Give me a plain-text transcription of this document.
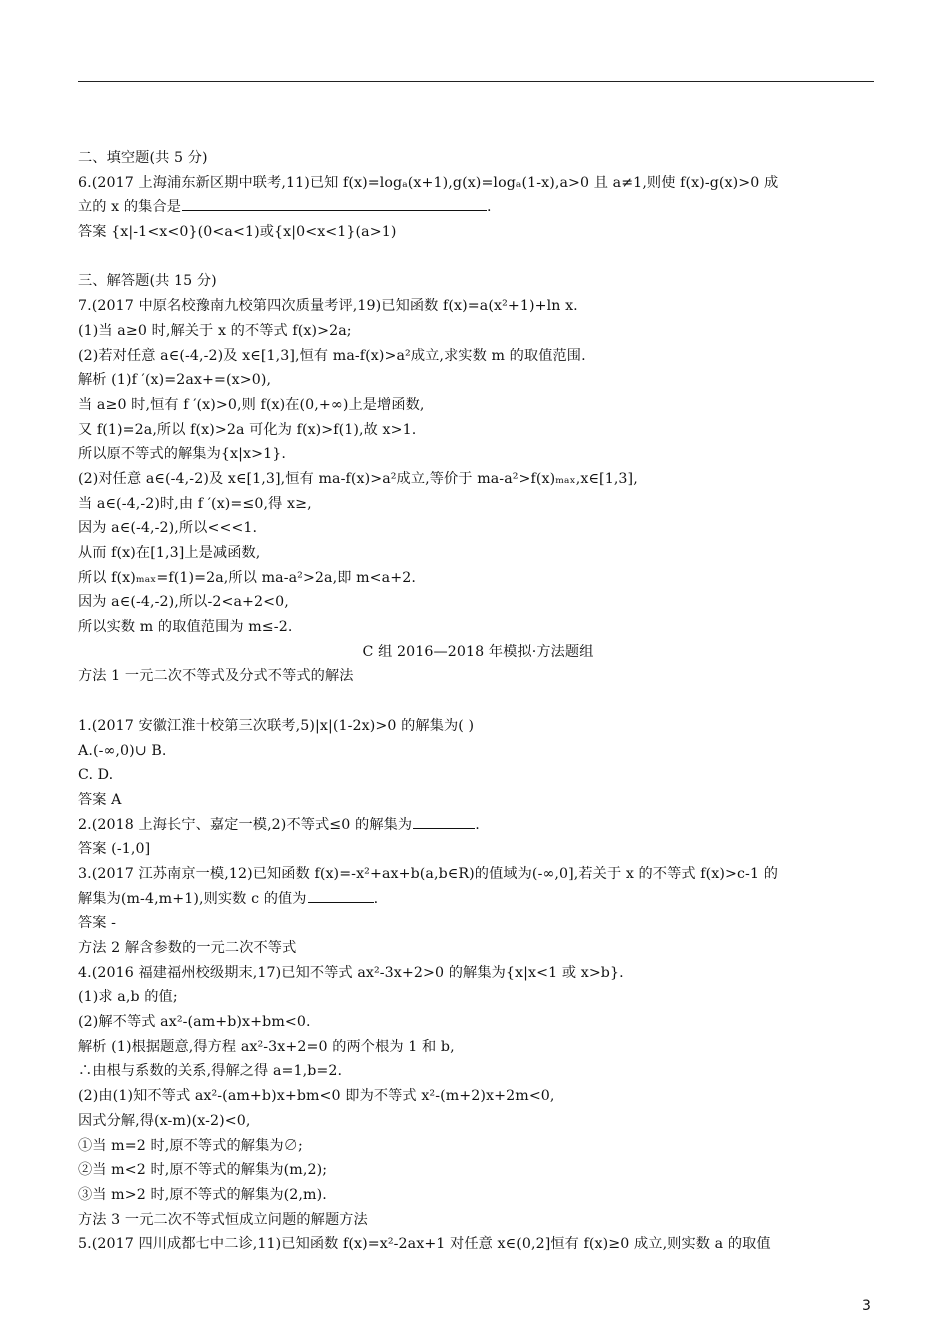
二、填空题(共 5 分)
6.(2017 上海浦东新区期中联考,11)已知 f(x)=logₐ(x+1),g(x)=logₐ(1-x),a>0 且 a≠1,则使 f(x)-g(x)>0 成
立的 x 的集合是	.
答案 {x|-1<x<0}(0<a<1)或{x|0<x<1}(a>1)
三、解答题(共 15 分)
7.(2017 中原名校豫南九校第四次质量考评,19)已知函数 f(x)=a(x²+1)+ln x.
(1)当 a≥0 时,解关于 x 的不等式 f(x)>2a;
(2)若对任意 a∈(-4,-2)及 x∈[1,3],恒有 ma-f(x)>a²成立,求实数 m 的取值范围.
解析 (1)f ′(x)=2ax+=(x>0),
当 a≥0 时,恒有 f ′(x)>0,则 f(x)在(0,+∞)上是增函数,
又 f(1)=2a,所以 f(x)>2a 可化为 f(x)>f(1),故 x>1.
所以原不等式的解集为{x|x>1}.
(2)对任意 a∈(-4,-2)及 x∈[1,3],恒有 ma-f(x)>a²成立,等价于 ma-a²>f(x)ₘₐₓ,x∈[1,3],
当 a∈(-4,-2)时,由 f ′(x)=≤0,得 x≥,
因为 a∈(-4,-2),所以<<<1.
从而 f(x)在[1,3]上是减函数,
所以 f(x)ₘₐₓ=f(1)=2a,所以 ma-a²>2a,即 m<a+2.
因为 a∈(-4,-2),所以-2<a+2<0,
所以实数 m 的取值范围为 m≤-2.
C 组 2016—2018 年模拟·方法题组
方法 1 一元二次不等式及分式不等式的解法
1.(2017 安徽江淮十校第三次联考,5)|x|(1-2x)>0 的解集为( )
A.(-∞,0)∪ B.
C. D.
答案 A
2.(2018 上海长宁、嘉定一模,2)不等式≤0 的解集为	.
答案 (-1,0]
3.(2017 江苏南京一模,12)已知函数 f(x)=-x²+ax+b(a,b∈R)的值域为(-∞,0],若关于 x 的不等式 f(x)>c-1 的
解集为(m-4,m+1),则实数 c 的值为	.
答案 -
方法 2 解含参数的一元二次不等式
4.(2016 福建福州校级期末,17)已知不等式 ax²-3x+2>0 的解集为{x|x<1 或 x>b}.
(1)求 a,b 的值;
(2)解不等式 ax²-(am+b)x+bm<0.
解析 (1)根据题意,得方程 ax²-3x+2=0 的两个根为 1 和 b,
∴由根与系数的关系,得解之得 a=1,b=2.
(2)由(1)知不等式 ax²-(am+b)x+bm<0 即为不等式 x²-(m+2)x+2m<0,
因式分解,得(x-m)(x-2)<0,
①当 m=2 时,原不等式的解集为∅;
②当 m<2 时,原不等式的解集为(m,2);
③当 m>2 时,原不等式的解集为(2,m).
方法 3 一元二次不等式恒成立问题的解题方法
5.(2017 四川成都七中二诊,11)已知函数 f(x)=x²-2ax+1 对任意 x∈(0,2]恒有 f(x)≥0 成立,则实数 a 的取值
3
